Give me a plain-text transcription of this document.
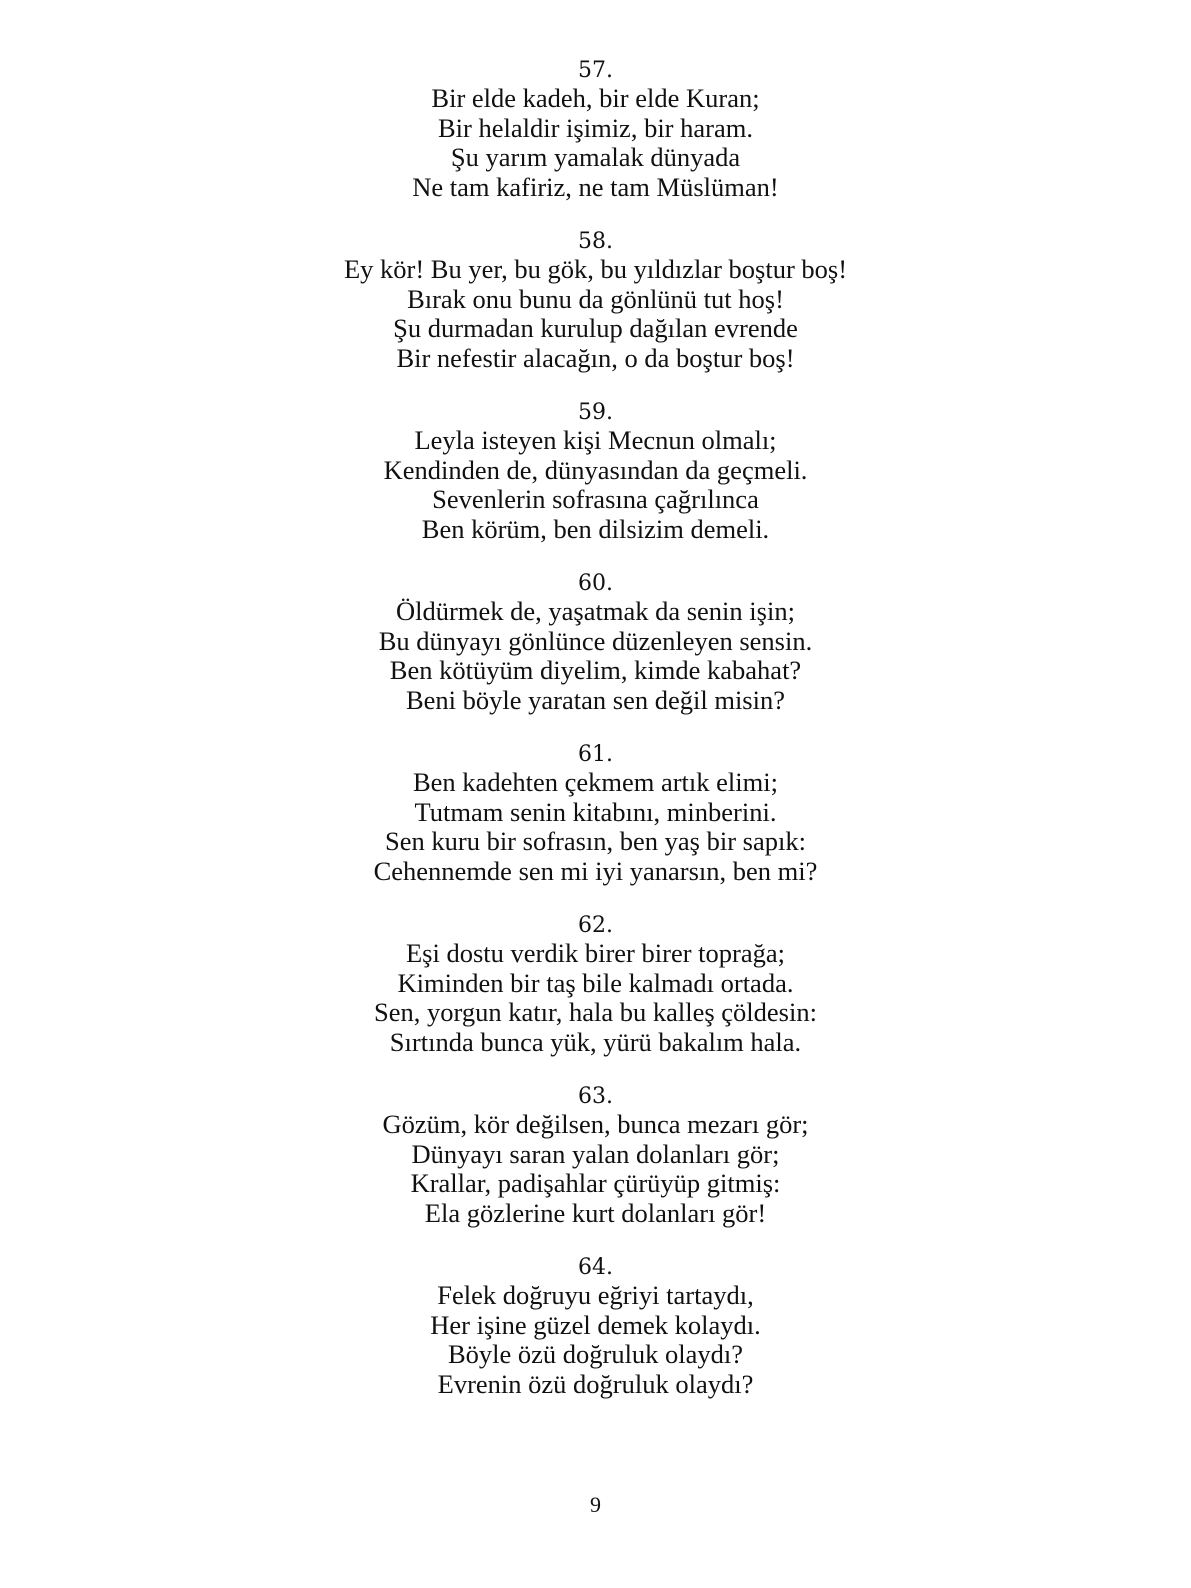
57.
Bir elde kadeh, bir elde Kuran;
Bir helaldir işimiz, bir haram.
Şu yarım yamalak dünyada
Ne tam kafiriz, ne tam Müslüman!
58.
Ey kör! Bu yer, bu gök, bu yıldızlar boştur boş!
Bırak onu bunu da gönlünü tut hoş!
Şu durmadan kurulup dağılan evrende
Bir nefestir alacağın, o da boştur boş!
59.
Leyla isteyen kişi Mecnun olmalı;
Kendinden de, dünyasından da geçmeli.
Sevenlerin sofrasına çağrılınca
Ben körüm, ben dilsizim demeli.
60.
Öldürmek de, yaşatmak da senin işin;
Bu dünyayı gönlünce düzenleyen sensin.
Ben kötüyüm diyelim, kimde kabahat?
Beni böyle yaratan sen değil misin?
61.
Ben kadehten çekmem artık elimi;
Tutmam senin kitabını, minberini.
Sen kuru bir sofrasın, ben yaş bir sapık:
Cehennemde sen mi iyi yanarsın, ben mi?
62.
Eşi dostu verdik birer birer toprağa;
Kiminden bir taş bile kalmadı ortada.
Sen, yorgun katır, hala bu kalleş çöldesin:
Sırtında bunca yük, yürü bakalım hala.
63.
Gözüm, kör değilsen, bunca mezarı gör;
Dünyayı saran yalan dolanları gör;
Krallar, padişahlar çürüyüp gitmiş:
Ela gözlerine kurt dolanları gör!
64.
Felek doğruyu eğriyi tartaydı,
Her işine güzel demek kolaydı.
Böyle özü doğruluk olaydı?
Evrenin özü doğruluk olaydı?
9
